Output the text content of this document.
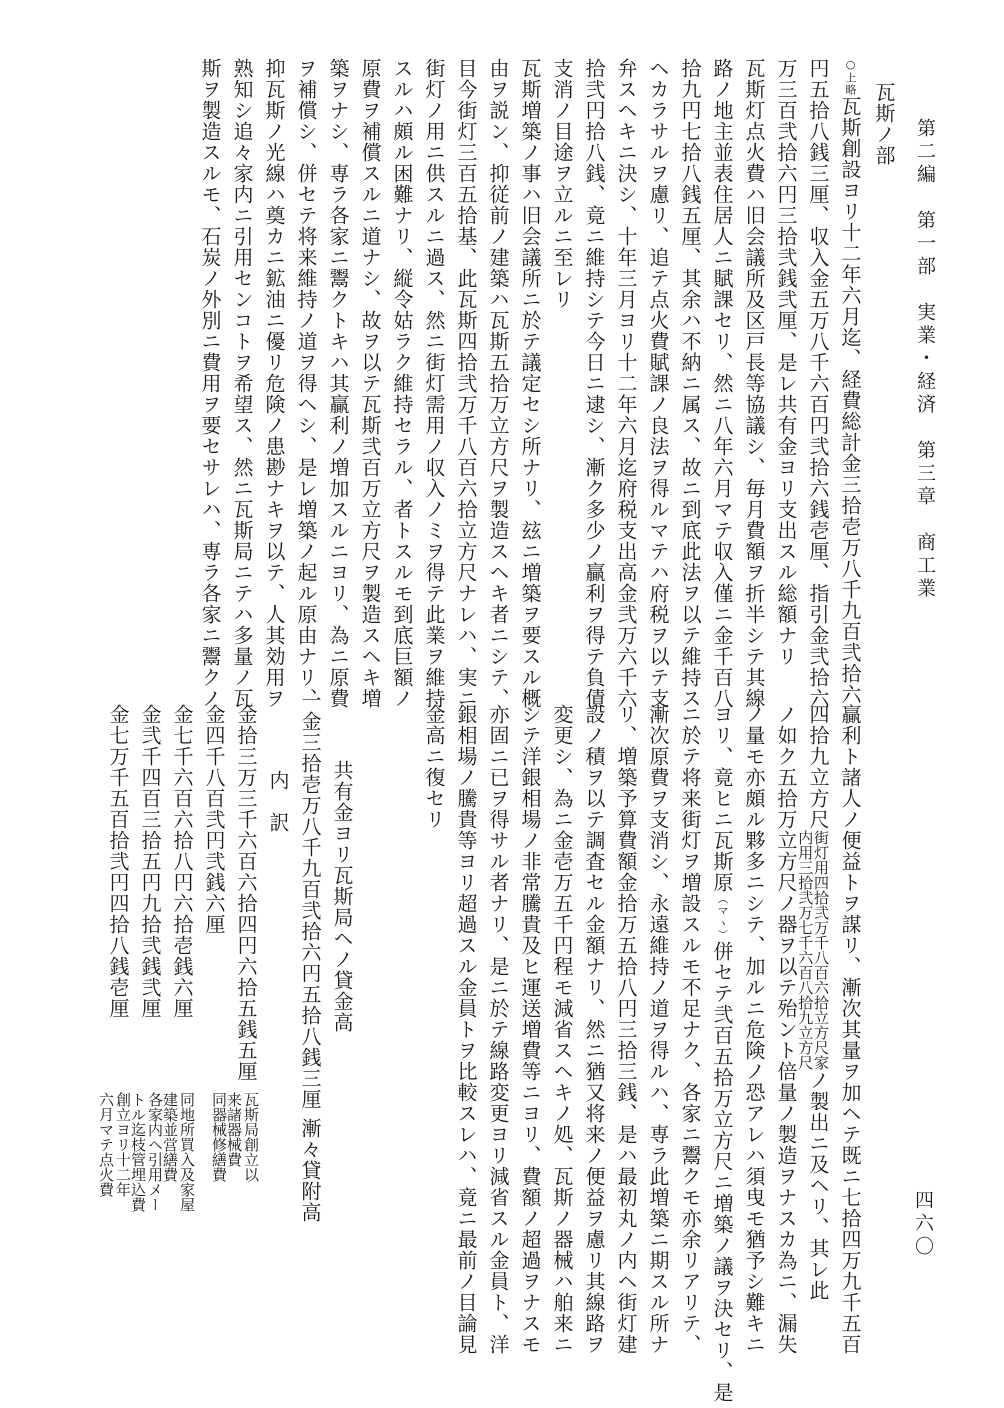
第二編　第一部　実業・経済　第三章　商工業
四六〇
瓦斯ノ部
○上略瓦斯創設ヨリ十二年六月迄、経費総計金三拾壱万八千九百弐拾六
円五拾八銭三厘、収入金五万八千六百円弐拾六銭壱厘、指引金弐拾六
万三百弐拾六円三拾弐銭弐厘、是レ共有金ヨリ支出スル総額ナリ
瓦斯灯点火費ハ旧会議所及区戸長等協議シ、毎月費額ヲ折半シテ其線
路ノ地主並表住居人ニ賦課セリ、然ニ八年六月マテ収入僅ニ金千百八
拾九円七拾八銭五厘、其余ハ不納ニ属ス、故ニ到底此法ヲ以テ維持ス
ヘカラサルヲ慮リ、追テ点火費賦課ノ良法ヲ得ルマテハ府税ヲ以テ支
弁スヘキニ決シ、十年三月ヨリ十二年六月迄府税支出高金弐万六千六
拾弐円拾八銭、竟ニ維持シテ今日ニ逮シ、漸ク多少ノ贏利ヲ得テ負債
支消ノ目途ヲ立ルニ至レリ
瓦斯増築ノ事ハ旧会議所ニ於テ議定セシ所ナリ、玆ニ増築ヲ要スル概
由ヲ説ン、抑従前ノ建築ハ瓦斯五拾万立方尺ヲ製造スヘキ者ニシテ、
目今街灯三百五拾基、此瓦斯四拾弐万千八百六拾立方尺ナレハ、実ニ
街灯ノ用ニ供スルニ過ス、然ニ街灯需用ノ収入ノミヲ得テ此業ヲ維持
スルハ頗ル困難ナリ、縦令姑ラク維持セラル、者トスルモ到底巨額ノ
原費ヲ補償スルニ道ナシ、故ヲ以テ瓦斯弐百万立方尺ヲ製造スヘキ増
築ヲナシ、専ラ各家ニ鬻クトキハ其贏利ノ増加スルニヨリ、為ニ原費
ヲ補償シ、併セテ将来維持ノ道ヲ得ヘシ、是レ増築ノ起ル原由ナリ、
抑瓦斯ノ光線ハ奠カニ鉱油ニ優リ危険ノ患尠ナキヲ以テ、人其効用ヲ
熟知シ追々家内ニ引用センコトヲ希望ス、然ニ瓦斯局ニテハ多量ノ瓦
斯ヲ製造スルモ、石炭ノ外別ニ費用ヲ要セサレハ、専ラ各家ニ鬻クノ
贏利ト諸人ノ便益トヲ謀リ、漸次其量ヲ加ヘテ既ニ七拾四万九千五百
四拾九立方尺
街灯用四拾弐万千八百六拾立方尺家
内用三拾弐万七千六百八拾九立方尺
ノ製出ニ及ヘリ、其レ此
ノ如ク五拾万立方尺ノ器ヲ以テ殆ント倍量ノ製造ヲナスカ為ニ、漏失
ノ量モ亦頗ル夥多ニシテ、加ルニ危険ノ恐アレハ須曳モ猶予シ難キニ
ヨリ、竟ヒニ瓦斯原（マヽ）併セテ弐百五拾万立方尺ニ増築ノ議ヲ決セリ、是
ニ於テ将来街灯ヲ増設スルモ不足ナク、各家ニ鬻クモ亦余リアリテ、
漸次原費ヲ支消シ、永遠維持ノ道ヲ得ルハ、専ラ此増築ニ期スル所ナ
リ、増築予算費額金拾万五拾八円三拾三銭、是ハ最初丸ノ内ヘ街灯建
設ノ積ヲ以テ調査セル金額ナリ、然ニ猶又将来ノ便益ヲ慮リ其線路ヲ
変更シ、為ニ金壱万五千円程モ減省スヘキノ処、瓦斯ノ器械ハ舶来ニ
シテ洋銀相場ノ非常騰貴及ヒ運送増費等ニヨリ、費額ノ超過ヲナスモ
亦固ニ已ヲ得サル者ナリ、是ニ於テ線路変更ヨリ減省スル金員ト、洋
銀相場ノ騰貴等ヨリ超過スル金員トヲ比較スレハ、竟ニ最前ノ目論見
金高ニ復セリ
共有金ヨリ瓦斯局ヘノ貸金高
一金三拾壱万八千九百弐拾六円五拾八銭三厘
漸々貸附高
内　訳
金拾三万三千六百六拾四円六拾五銭五厘
瓦斯局創立以
来諸器械費
金四千八百弐円弐銭六厘
同器械修繕費
金七千六百六拾八円六拾壱銭六厘
同地所買入及家屋
建築並営繕費
金弐千四百三拾五円九拾弐銭弐厘
各家内ヘ引用メー
トル迄枝管埋込費
金七万千五百拾弐円四拾八銭壱厘
創立ヨリ十二年
六月マテ点火費
